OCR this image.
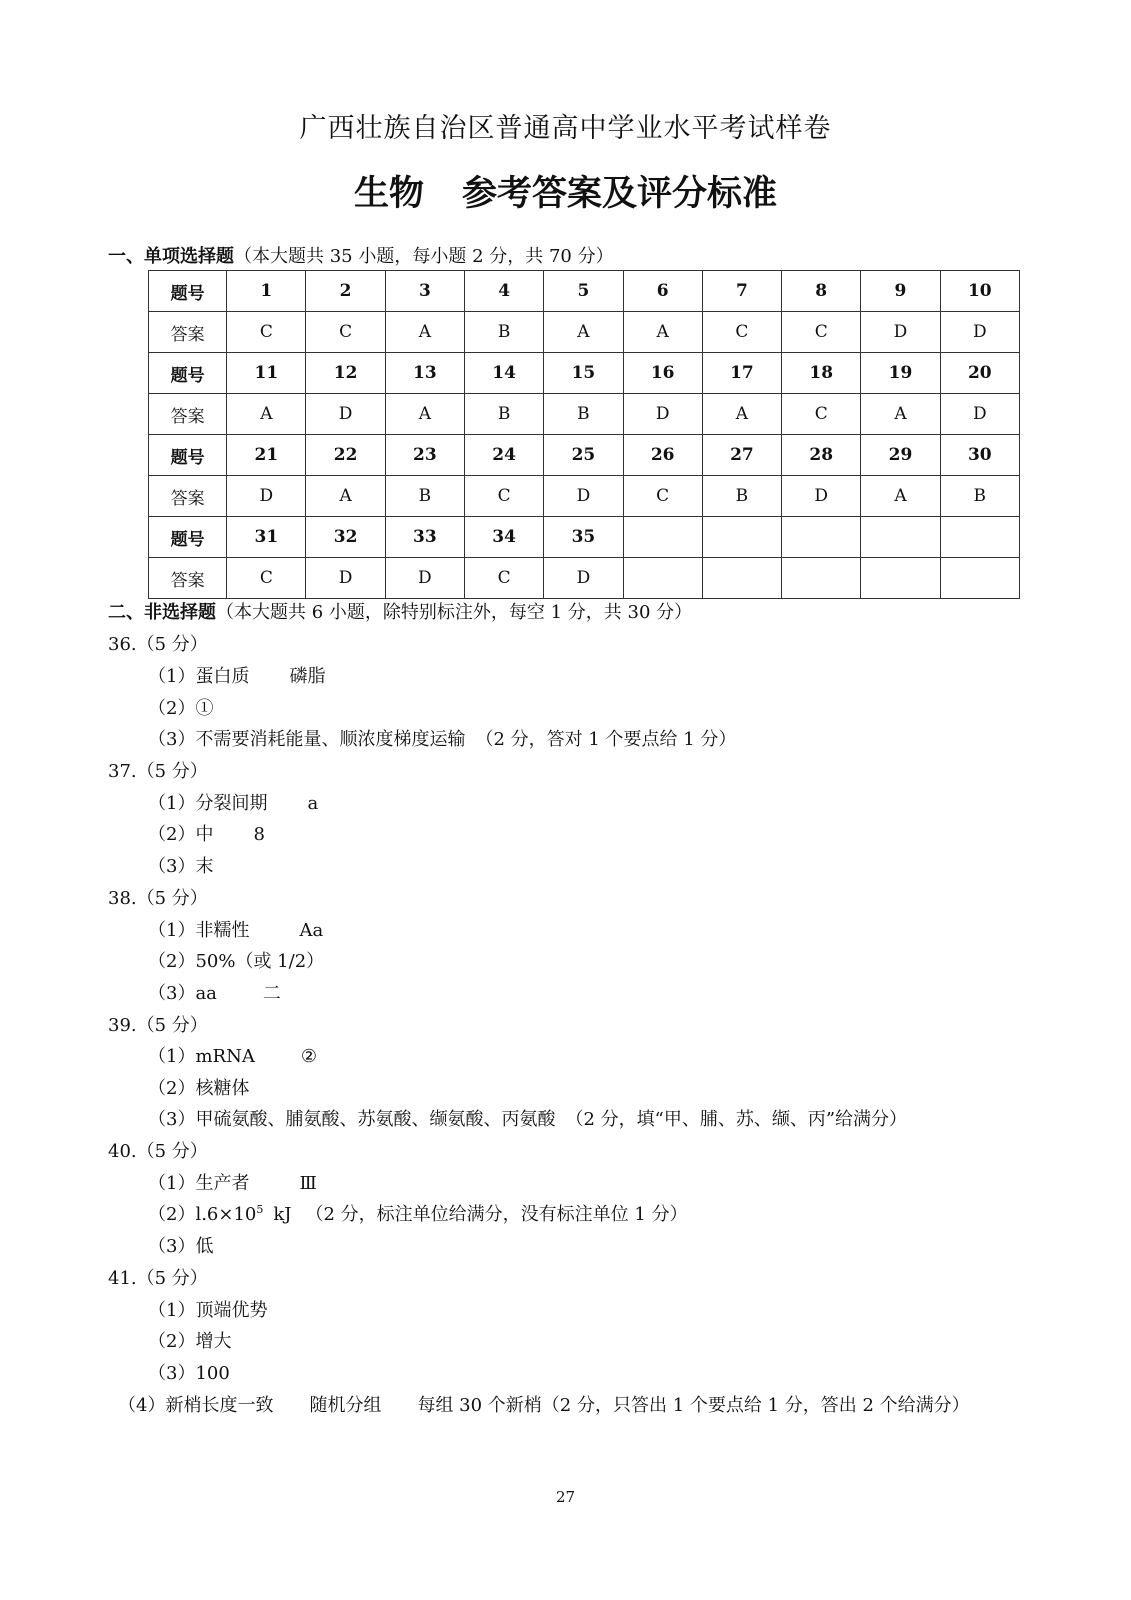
广西壮族自治区普通高中学业水平考试样卷
生物 参考答案及评分标准
一、单项选择题（本大题共 35 小题，每小题 2 分，共 70 分）
题号	1	2	3	4	5	6	7	8	9	10
答案	C	C	A	B	A	A	C	C	D	D
题号	11	12	13	14	15	16	17	18	19	20
答案	A	D	A	B	B	D	A	C	A	D
题号	21	22	23	24	25	26	27	28	29	30
答案	D	A	B	C	D	C	B	D	A	B
题号	31	32	33	34	35					
答案	C	D	D	C	D					
二、非选择题（本大题共 6 小题，除特别标注外，每空 1 分，共 30 分）
36.（5 分）
（1）蛋白质 磷脂
（2）①
（3）不需要消耗能量、顺浓度梯度运输 （2 分，答对 1 个要点给 1 分）
37.（5 分）
（1）分裂间期 a
（2）中 8
（3）末
38.（5 分）
（1）非糯性	Aa
（2）50%（或 1/2）
（3）aa	二
39.（5 分）
（1）mRNA	②
（2）核糖体
（3）甲硫氨酸、脯氨酸、苏氨酸、缬氨酸、丙氨酸 （2 分，填“甲、脯、苏、缬、丙”给满分）
40.（5 分）
（1）生产者	Ⅲ
$(2)l.6\times 10^5$ kJ （2 分，标注单位给满分，没有标注单位 1 分）
（3）低
41.（5 分）
（1）顶端优势
（2）增大
（3）100
（4）新梢长度一致 随机分组 每组 30 个新梢（2 分，只答出 1 个要点给 1 分，答出 2 个给满分）
27
